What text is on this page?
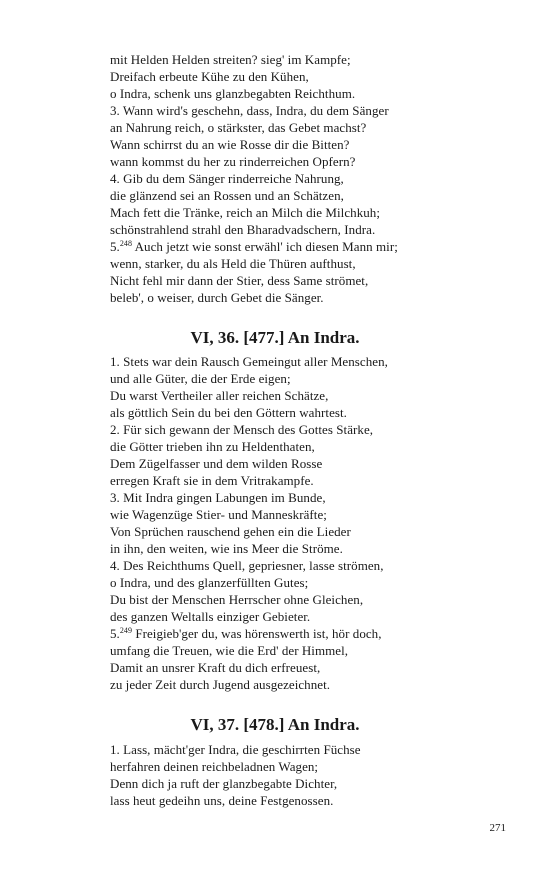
mit Helden Helden streiten? sieg' im Kampfe;
Dreifach erbeute Kühe zu den Kühen,
o Indra, schenk uns glanzbegabten Reichthum.
3. Wann wird's geschehn, dass, Indra, du dem Sänger
an Nahrung reich, o stärkster, das Gebet machst?
Wann schirrst du an wie Rosse dir die Bitten?
wann kommst du her zu rinderreichen Opfern?
4. Gib du dem Sänger rinderreiche Nahrung,
die glänzend sei an Rossen und an Schätzen,
Mach fett die Tränke, reich an Milch die Milchkuh;
schönstrahlend strahl den Bharadvadschern, Indra.
5.$^{248}$ Auch jetzt wie sonst erwähl' ich diesen Mann mir;
wenn, starker, du als Held die Thüren aufthust,
Nicht fehl mir dann der Stier, dess Same strömet,
beleb', o weiser, durch Gebet die Sänger.
VI, 36. [477.] An Indra.
1. Stets war dein Rausch Gemeingut aller Menschen,
und alle Güter, die der Erde eigen;
Du warst Vertheiler aller reichen Schätze,
als göttlich Sein du bei den Göttern wahrtest.
2. Für sich gewann der Mensch des Gottes Stärke,
die Götter trieben ihn zu Heldenthaten,
Dem Zügelfasser und dem wilden Rosse
erregen Kraft sie in dem Vritrakampfe.
3. Mit Indra gingen Labungen im Bunde,
wie Wagenzüge Stier- und Manneskräfte;
Von Sprüchen rauschend gehen ein die Lieder
in ihn, den weiten, wie ins Meer die Ströme.
4. Des Reichthums Quell, gepriesner, lasse strömen,
o Indra, und des glanzerfüllten Gutes;
Du bist der Menschen Herrscher ohne Gleichen,
des ganzen Weltalls einziger Gebieter.
5.$^{249}$ Freigieb'ger du, was hörenswerth ist, hör doch,
umfang die Treuen, wie die Erd' der Himmel,
Damit an unsrer Kraft du dich erfreuest,
zu jeder Zeit durch Jugend ausgezeichnet.
VI, 37. [478.] An Indra.
1. Lass, mächt'ger Indra, die geschirrten Füchse
herfahren deinen reichbeladnen Wagen;
Denn dich ja ruft der glanzbegabte Dichter,
lass heut gedeihn uns, deine Festgenossen.
271
